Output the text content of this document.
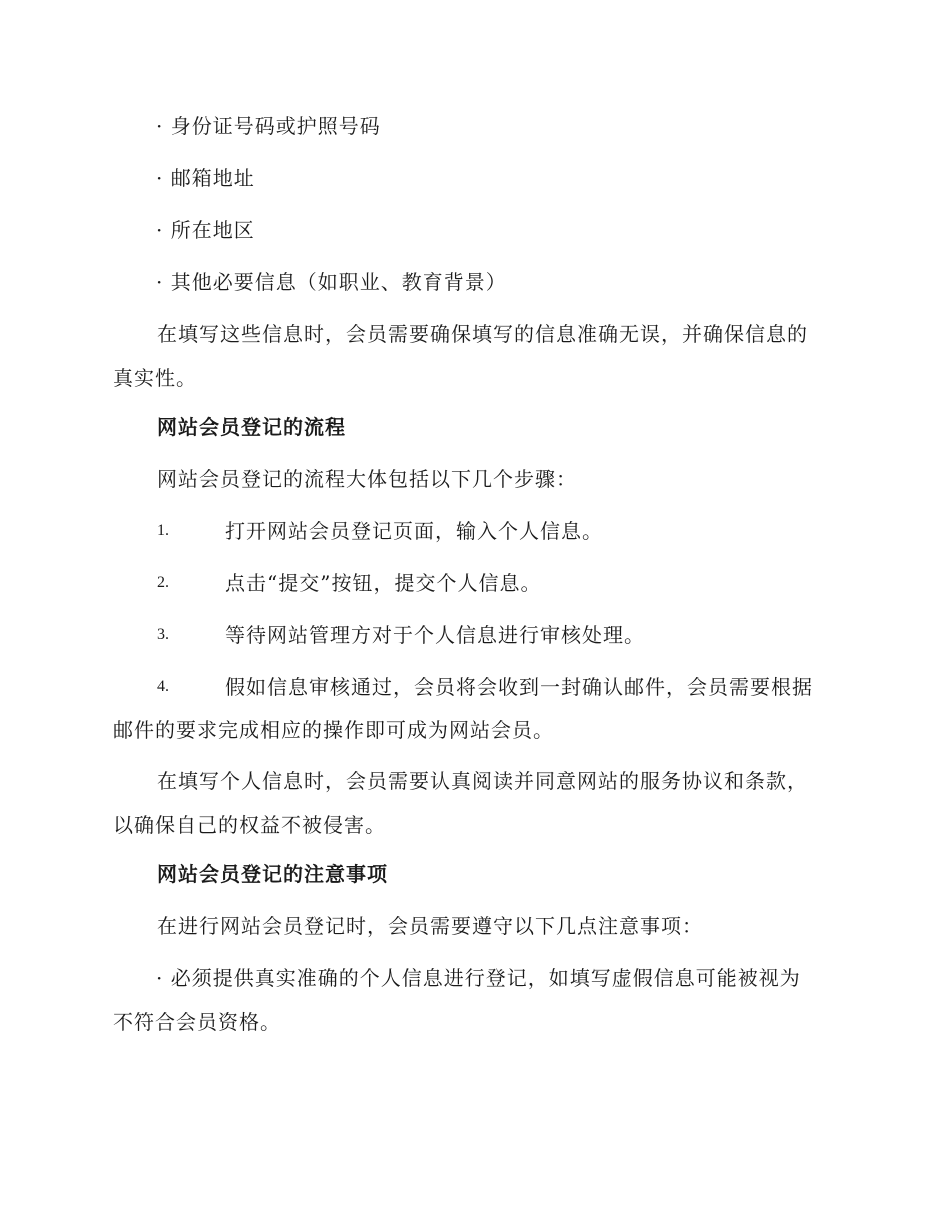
· 身份证号码或护照号码
· 邮箱地址
· 所在地区
· 其他必要信息（如职业、教育背景）
在填写这些信息时，会员需要确保填写的信息准确无误，并确保信息的
真实性。
网站会员登记的流程
网站会员登记的流程大体包括以下几个步骤：
1.	打开网站会员登记页面，输入个人信息。
2.	点击“提交”按钮，提交个人信息。
3.	等待网站管理方对于个人信息进行审核处理。
4.	假如信息审核通过，会员将会收到一封确认邮件，会员需要根据
邮件的要求完成相应的操作即可成为网站会员。
在填写个人信息时，会员需要认真阅读并同意网站的服务协议和条款，
以确保自己的权益不被侵害。
网站会员登记的注意事项
在进行网站会员登记时，会员需要遵守以下几点注意事项：
· 必须提供真实准确的个人信息进行登记，如填写虚假信息可能被视为
不符合会员资格。
